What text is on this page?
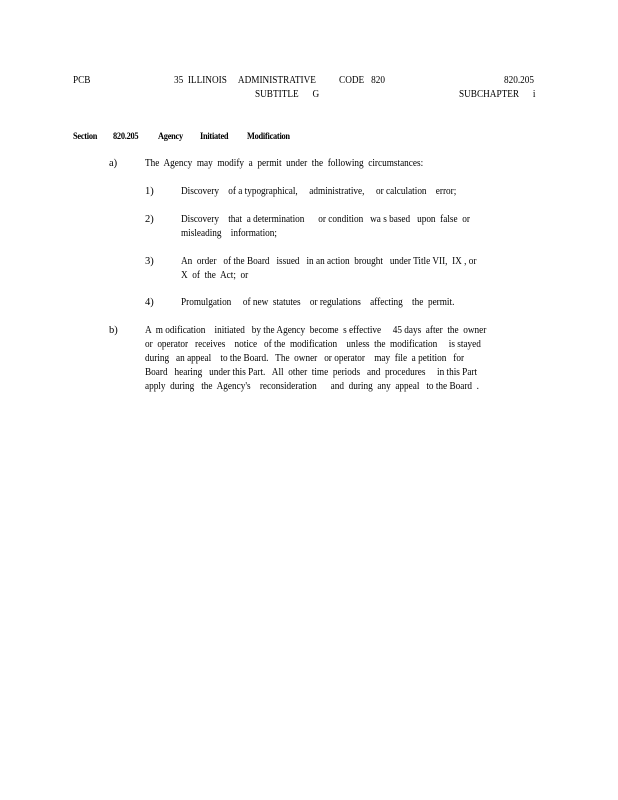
PCB	35  ILLINOIS     ADMINISTRATIVE          CODE   820
SUBTITLE      G
820.205
SUBCHAPTER      i
Section	820.205	Agency	Initiated	Modification
a)	The  Agency  may  modify  a  permit  under  the  following  circumstances:
1)	Discovery    of a typographical,     administrative,     or calculation    error;
2)	Discovery    that  a determination      or condition   wa s based   upon  false  or
misleading    information;
3)	An  order   of the Board   issued   in an action  brought   under Title VII,  IX , or
X  of  the  Act;  or
4)	Promulgation     of new  statutes    or regulations    affecting    the  permit.
b)	A  m odification    initiated   by the Agency  become  s effective     45 days  after  the  owner
or  operator   receives    notice   of the  modification    unless  the  modification     is stayed
during   an appeal    to the Board.   The  owner   or operator    may  file  a petition   for
Board   hearing   under this Part.   All  other  time  periods   and  procedures     in this Part
apply  during   the  Agency's    reconsideration      and  during  any  appeal   to the Board  .
